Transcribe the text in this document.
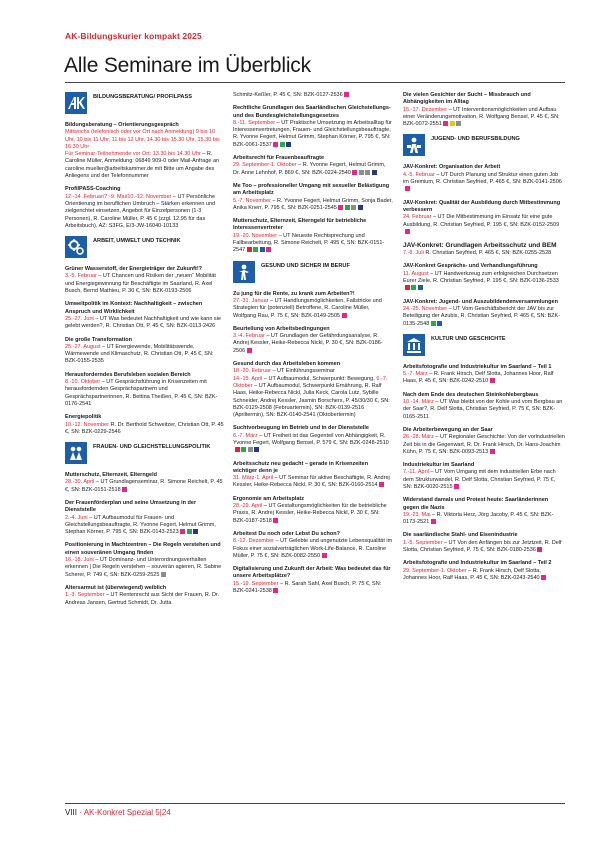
AK-Bildungskurier kompakt 2025
Alle Seminare im Überblick
BILDUNGSBERATUNG/ PROFILPASS
Bildungsberatung – Orientierungsgespräch
Mittwochs (telefonisch oder vor Ort nach Anmeldung) 9 bis 10 Uhr, 10 bis 11 Uhr, 11 bis 12 Uhr, 14.30 bis 15.30 Uhr, 15.30 bis 16.30 Uhr
Für Seminar-Teilnehmende vor Ort: 13.30 bis 14.30 Uhr – R. Caroline Müller, Anmeldung: 06849 909-0 oder Mail-Anfrage an caroline.mueller@arbeitskammer.de mit Bitte um Angabe des Anliegens und der Telefonnummer
ProfilPASS-Coaching
12.-14. Februar/7.-9. Mai/10.-12. November – UT Persönliche Orientierung im beruflichen Umbruch – Stärken erkennen und zielgerichtet einsetzen, Angebot für Einzelpersonen (1-3 Personen), R. Caroline Müller, P. 45 € (zzgl. 12,95 für das Arbeitsbuch), AZ: S3FG, E/3-JW-16040-10133
ARBEIT, UMWELT UND TECHNIK
Grüner Wasserstoff, der Energieträger der Zukunft!?
3.-5. Februar – UT Chancen und Risiken der „neuen“ Mobilität und Energiegewinnung für Beschäftigte im Saarland, R. Axel Busch, Bernd Mathieu, P. 30 €, SN: BZK-0193-2506
Umweltpolitik im Kontext: Nachhaltigkeit – zwischen Anspruch und Wirklichkeit
25.-27. Juni – UT Was bedeutet Nachhaltigkeit und wie kann sie gelebt werden?, R. Christian Ott, P. 45 €, SN: BZK-0113-2426
Die große Transformation
25.-27. August – UT Energiewende, Mobilitätswende, Wärmewende und Klimaschutz, R. Christian Ott, P. 45 €, SN: BZK-0155-2535
Herausforderndes Berufsleben sozialen Bereich
8.-10. Oktober – UT Gesprächsführung in Krisenzeiten mit herausfordernden Gesprächspartnern und Gesprächspartnerinnen, R. Bettina Theißen, P. 45 €, SN: BZK-0176-2541
Energiepolitik
10.-12. November R. Dr. Berthold Schweitzer, Christian Ott, P. 45 €, SN: BZK-0229-2546
FRAUEN- UND GLEICHSTELLUNGSPOLITIK
Mutterschutz, Elternzeit, Elterngeld
28.-30. April – UT Grundlagenseminar, R. Simone Reichelt, P. 45 €, SN: BZK-0151-2518
Der Frauenförderplan und seine Umsetzung in der Dienststelle
2.-4. Juni – UT Aufbaumodul für Frauen- und Gleichstellungsbeauftragte, R. Yvonne Fegert, Helmut Grimm, Stephan Körner, P. 795 €, SN: BZK-0143-2523
Positionierung in Machtzentren – Die Regeln verstehen und einen souveränen Umgang finden
16.-18. Juni – UT Dominanz- und Unterordnungsverhalten erkennen | Die Regeln verstehen – souverän agieren, R. Sabine Scherer, P. 749 €, SN: BZK-0259-2525
Altersarmut ist (überwiegend) weiblich
1.-3. September – UT Rentenrecht aus Sicht der Frauen, R. Dr. Andreas Jansen, Gertrud Schmidt, Dr. Jutta
Schmitz-Keßler, P. 45 €, SN: BZK-0127-2536
Rechtliche Grundlagen des Saarländischen Gleichstellungs- und des Bundesgleichstellungsgesetzes
8.-11. September – UT Praktische Umsetzung im Arbeitsalltag für Interessenvertretungen, Frauen- und Gleichstellungsbeauftragte, R. Yvonne Fegert, Helmut Grimm, Stephan Körner, P. 795 €, SN: BZK-0061-2537
Arbeitsrecht für Frauenbeauftragte
29. September-1. Oktober – R. Yvonne Fegert, Helmut Grimm, Dr. Anne Lehnhof, P. 869 €, SN: BZK-0224-2540
Me Too – professioneller Umgang mit sexueller Belästigung am Arbeitsplatz
5.-7. November – R. Yvonne Fegert, Helmut Grimm, Sonja Bader, Anika Knerr, P. 795 €, SN: BZK-0251-2545
Mutterschutz, Elternzeit, Elterngeld für betriebliche Interessenvertreter
19.-20. November – UT Neueste Rechtsprechung und Fallbearbeitung, R. Simone Reichelt, P. 495 €, SN: BZK-0151-2547
GESUND UND SICHER IM BERUF
Zu jung für die Rente, zu krank zum Arbeiten?!
27.-31. Januar – UT Handlungsmöglichkeiten, Fallstricke und Strategien für (potenziell) Betroffene, R. Caroline Müller, Wolfgang Rau, P. 75 €, SN: BZK-0149-2505
Beurteilung von Arbeitsbedingungen
3.-4. Februar – UT Grundlagen der Gefährdungsanalyse, R. Andrej Kessler, Heike-Rebecca Nickl, P. 30 €, SN: BZK-0186-2506
Gesund durch das Arbeitsleben kommen
18.-20. Februar – UT Einführungsseminar
14.-15. April – UT Aufbaumodul, Schwerpunkt: Bewegung, 6.-7. Oktober – UT Aufbaumodul, Schwerpunkt Ernährung, R. Ralf Haas, Heike-Rebecca Nickl, Julia Keck, Carola Lutz, Sybille Schneider, Andrej Kessler, Jasmin Borschers, P. 45/30/30 €, SN: BZK-0129-2508 (Februartermin), SN: BZK-0139-2516 (Apriltermin), SN: BZK-0140-2541 (Oktobertermin)
Suchtvorbeugung im Betrieb und in der Dienststelle
6.-7. März – UT Freiheit ist das Gegenteil von Abhängigkeit, R. Yvonne Fegert, Wolfgang Bensel, P. 579 €, SN: BZK-0248-2510
Arbeitsschutz neu gedacht – gerade in Krisenzeiten wichtiger denn je
31. März-1. April – UT Seminar für aktive Beschäftigte, R. Andrej Kessler, Heike-Rebecca Nickl, P. 30 €, SN: BZK-0160-2514
Ergonomie am Arbeitsplatz
28.-29. April – UT Gestaltungsmöglichkeiten für die betriebliche Praxis, R. Andrej Kessler, Heike-Rebecca Nickl, P. 30 €, SN: BZK-0187-2518
Arbeitest Du noch oder Lebst Du schon?
8.-12. Dezember – UT Gelebte und ungenutzte Lebensqualität im Fokus einer sozialverträglichen Work-Life-Balance, R. Caroline Müller, P. 75 €, SN: BZK-0082-2550
Digitalisierung und Zukunft der Arbeit: Was bedeutet das für unsere Arbeitsplätze?
15.-19. September – R. Sarah Sahl, Axel Busch, P. 75 €, SN: BZK-0241-2538
Die vielen Gesichter der Sucht – Missbrauch und Abhängigkeiten im Alltag
15.-17. Dezember – UT Interventionsmöglichkeiten und Aufbau einer Veränderungsmotivation, R. Wolfgang Bensel, P. 45 €, SN: BZK-0072-2551
JUGEND- UND BERUFSBILDUNG
JAV-Konkret: Organisation der Arbeit
4.-5. Februar – UT Durch Planung und Struktur einen guten Job im Gremium, R. Christian Seyfried, P. 465 €, SN: BZK-0141-2506
JAV-Konkret: Qualität der Ausbildung durch Mitbestimmung verbessern
24. Februar – UT Die Mitbestimmung im Einsatz für eine gute Ausbildung, R. Christian Seyfried, P. 195 €, SN: BZK-0152-2509
JAV-Konkret: Grundlagen Arbeitsschutz und BEM
7.-8. Juli R. Christian Seyfried, P. 465 €, SN: BZK-0255-2528
JAV-Konkret Gesprächs- und Verhandlungsführung
11. August – UT Handwerkzeug zum erfolgreichen Durchsetzen Eurer Ziele, R. Christian Seyfried, P. 195 €, SN: BZK-0136-2533
JAV-Konkret: Jugend- und Auszubildendenversammlungen
24.-25. November – UT Vom Geschäftsbericht der JAV bis zur Beteiligung der Azubis, R. Christian Seyfried, P. 465 €, SN: BZK-0135-2548
KULTUR UND GESCHICHTE
Arbeitsfotografie und Industriekultur im Saarland – Teil 1
5.-7. März – R. Frank Hirsch, Delf Slotta, Johannes Hoor, Ralf Haas, P. 45 €, SN: BZK-0242-2510
Nach dem Ende des deutschen Steinkohlebergbaus
10.-14. März – UT Was bleibt von der Kohle und vom Bergbau an der Saar?, R. Delf Slotta, Christian Seyfried, P. 75 €, SN: BZK-0165-2511
Die Arbeiterbewegung an der Saar
26.-28. März – UT Regionaler Geschichte: Von der vorindustriellen Zeit bis in die Gegenwart, R. Dr. Frank Hirsch, Dr. Hans-Joachim Kühn, P. 75 €, SN: BZK-0093-2513
Industriekultur im Saarland
7.-11. April – UT Vom Umgang mit dem industriellen Erbe nach dem Strukturwandel, R. Delf Slotta, Christian Seyfried, P. 75 €, SN: BZK-0020-2515
Widerstand damals und Protest heute: Saarländerinnen gegen die Nazis
19.-23. Mai – R. Viktoria Herz, Jörg Jacoby, P. 45 €, SN: BZK-0173-2521
Die saarländische Stahl- und Eisenindustrie
1.-5. September – UT Von den Anfängen bis zur Jetztzeit, R. Delf Slotta, Christian Seyfried, P. 75 €, SN: BZK-0180-2536
Arbeitsfotografie und Industriekultur im Saarland – Teil 2
29. September-1. Oktober – R. Frank Hirsch, Delf Slotta, Johannes Hoor, Ralf Haas, P. 45 €, SN: BZK-0243-2540
VIII · AK-Konkret Spezial 5|24
